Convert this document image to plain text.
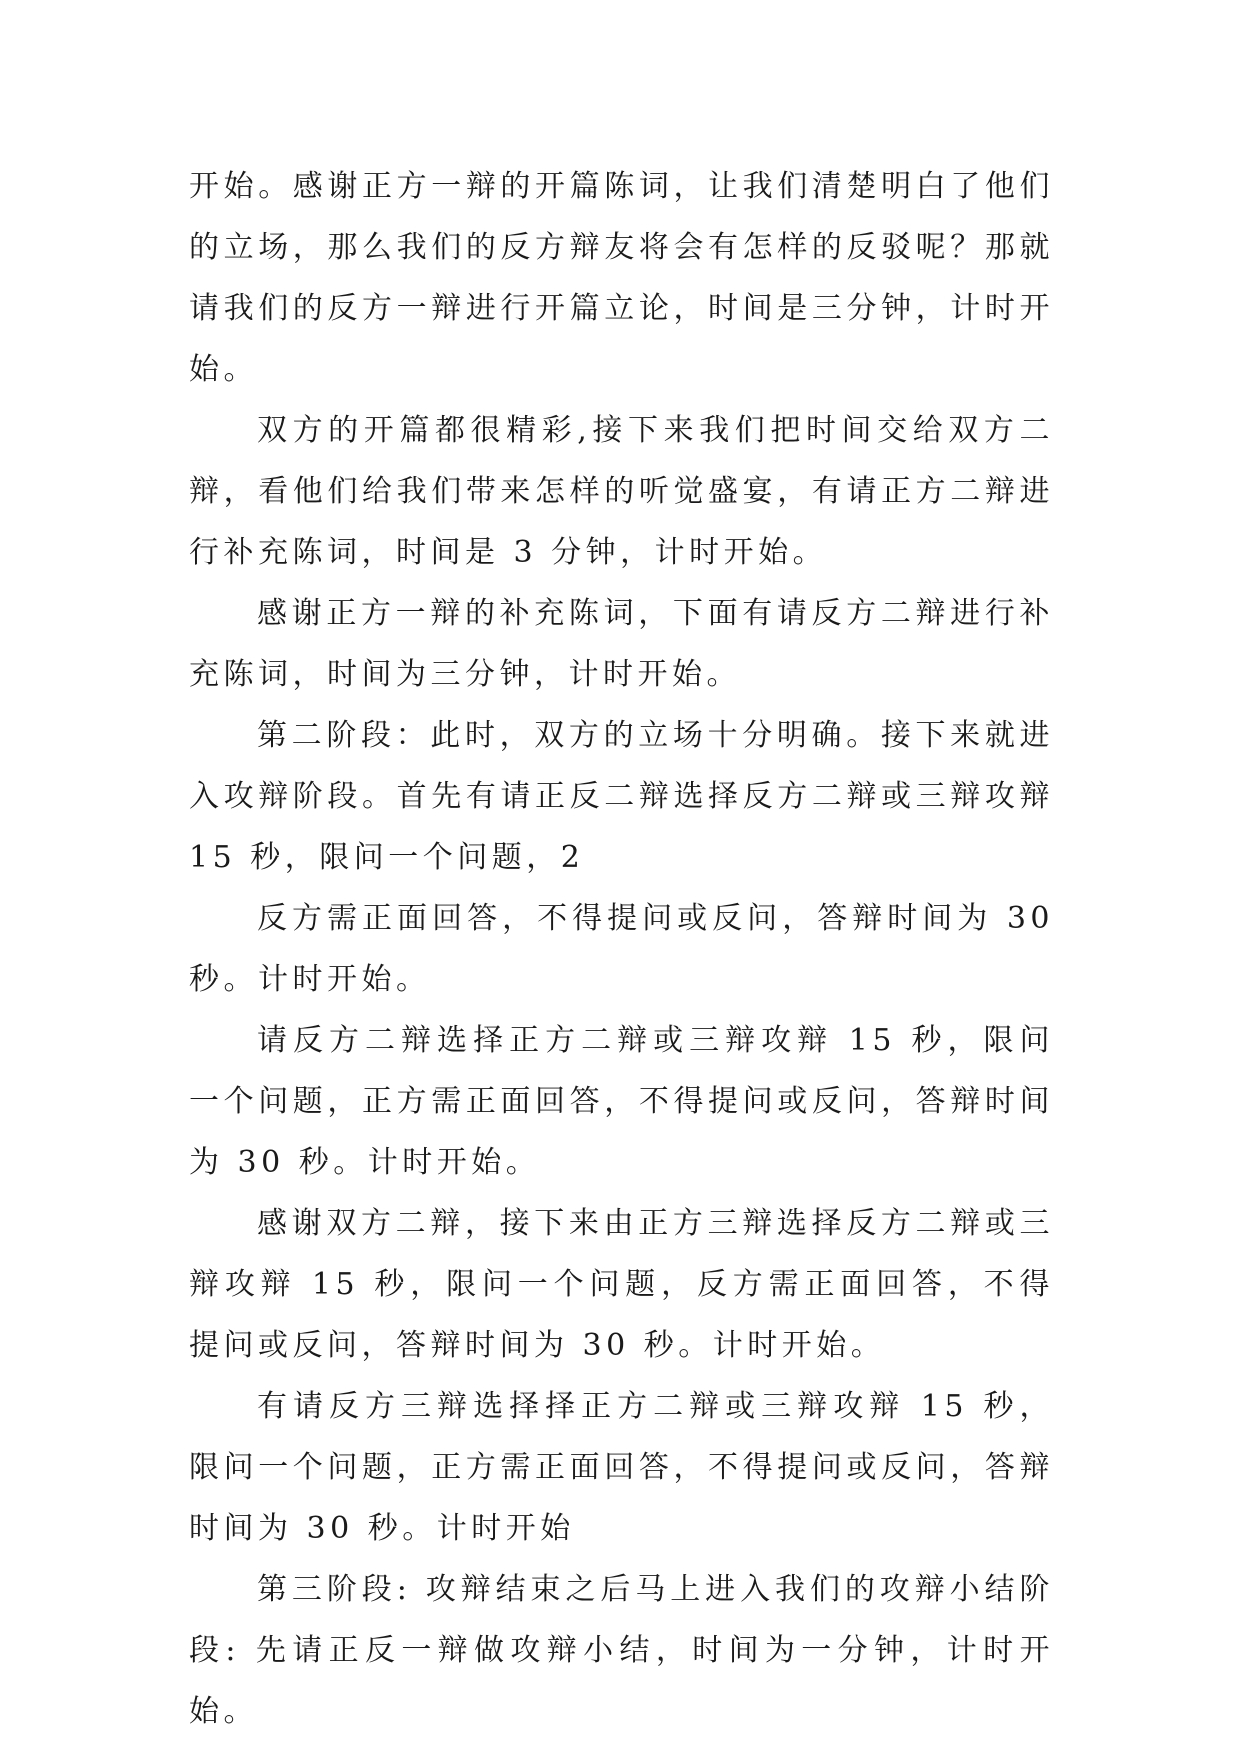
开始。感谢正方一辩的开篇陈词，让我们清楚明白了他们的立场，那么我们的反方辩友将会有怎样的反驳呢？那就请我们的反方一辩进行开篇立论，时间是三分钟，计时开始。

双方的开篇都很精彩,接下来我们把时间交给双方二辩，看他们给我们带来怎样的听觉盛宴，有请正方二辩进行补充陈词，时间是 3 分钟，计时开始。

感谢正方一辩的补充陈词，下面有请反方二辩进行补充陈词，时间为三分钟，计时开始。

第二阶段：此时，双方的立场十分明确。接下来就进入攻辩阶段。首先有请正反二辩选择反方二辩或三辩攻辩 15 秒，限问一个问题，2

反方需正面回答，不得提问或反问，答辩时间为 30 秒。计时开始。

请反方二辩选择正方二辩或三辩攻辩 15 秒，限问一个问题，正方需正面回答，不得提问或反问，答辩时间为 30 秒。计时开始。

感谢双方二辩，接下来由正方三辩选择反方二辩或三辩攻辩 15 秒，限问一个问题，反方需正面回答，不得提问或反问，答辩时间为 30 秒。计时开始。

有请反方三辩选择择正方二辩或三辩攻辩 15 秒，限问一个问题，正方需正面回答，不得提问或反问，答辩时间为 30 秒。计时开始

第三阶段: 攻辩结束之后马上进入我们的攻辩小结阶段: 先请正反一辩做攻辩小结，时间为一分钟，计时开始。
